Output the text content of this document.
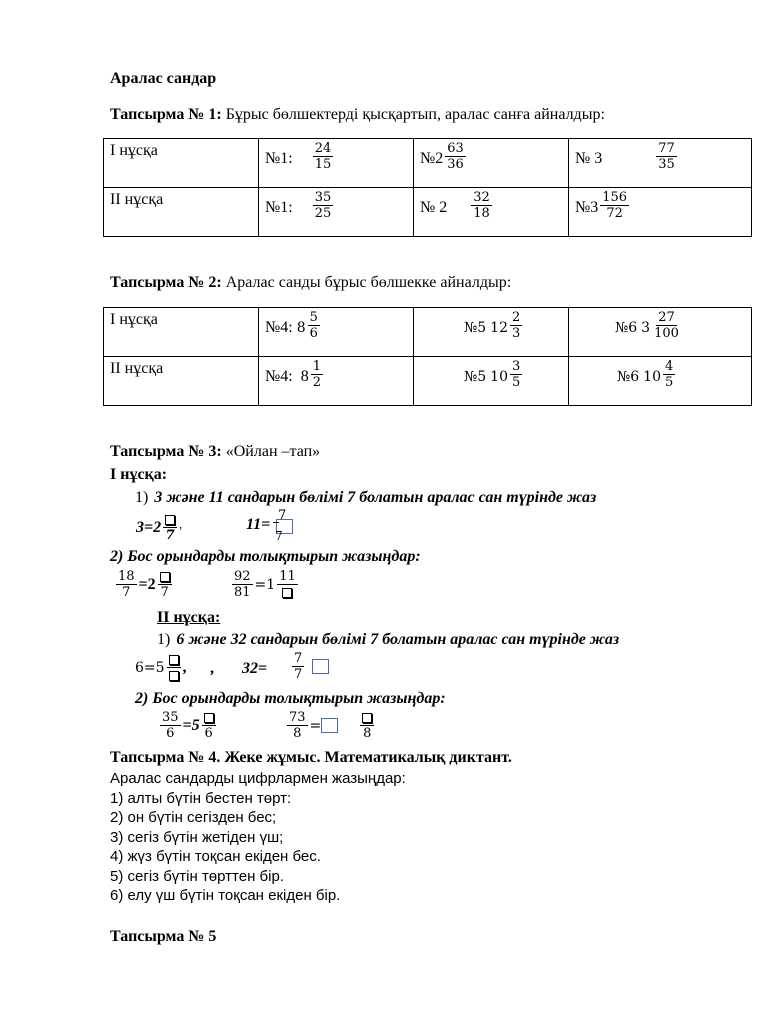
Аралас сандар
Тапсырма № 1: Бұрыс бөлшектерді қысқартып, аралас санға айналдыр:
I нұсқа	№1: $\frac{24}{15}$	№2 $\frac{63}{36}$	№ $3 \frac{77}{35}$

II нұсқа	№1: $\frac{35}{25}$	№ $2 \frac{32}{18}$	№3 $\frac{156}{72}$
Тапсырма № 2: Аралас санды бұрыс бөлшекке айналдыр:
I нұсқа	№4: $8 \frac{5}{6}$	№5 $12 \frac{2}{3}$	№6 $3 \frac{27}{100}$

II нұсқа	№4: $8 \frac{1}{2}$	№5 $10 \frac{3}{5}$	№6 $10 \frac{4}{5}$
Тапсырма № 3: «Ойлан –тап»
I нұсқа:
1) 3 және 11 сандарын бөлімі 7 болатын аралас сан түрінде жаз
3=2 7
,	11=
7
7
2) Бос орындарды толықтырып жазыңдар:
$\frac{18}{7} =2$ 7	$\frac{92}{81} =1$ 11
II нұсқа:
1) 6 және 32 сандарын бөлімі 7 болатын аралас сан түрінде жаз
6=5 , , $32= \frac{7}{7}$
2) Бос орындарды толықтырып жазыңдар:
$\frac{35}{6} =5$ 6	$\frac{73}{8}$ =	8
Тапсырма № 4. Жеке жұмыс. Математикалық диктант.
Аралас сандарды цифрлармен жазыңдар:
1) алты бүтін бестен төрт:
2) он бүтін сегізден бес;
3) сегіз бүтін жетіден үш;
4) жүз бүтін тоқсан екіден бес.
5) сегіз бүтін төрттен бір.
6) елу үш бүтін тоқсан екіден бір.
Тапсырма № 5
